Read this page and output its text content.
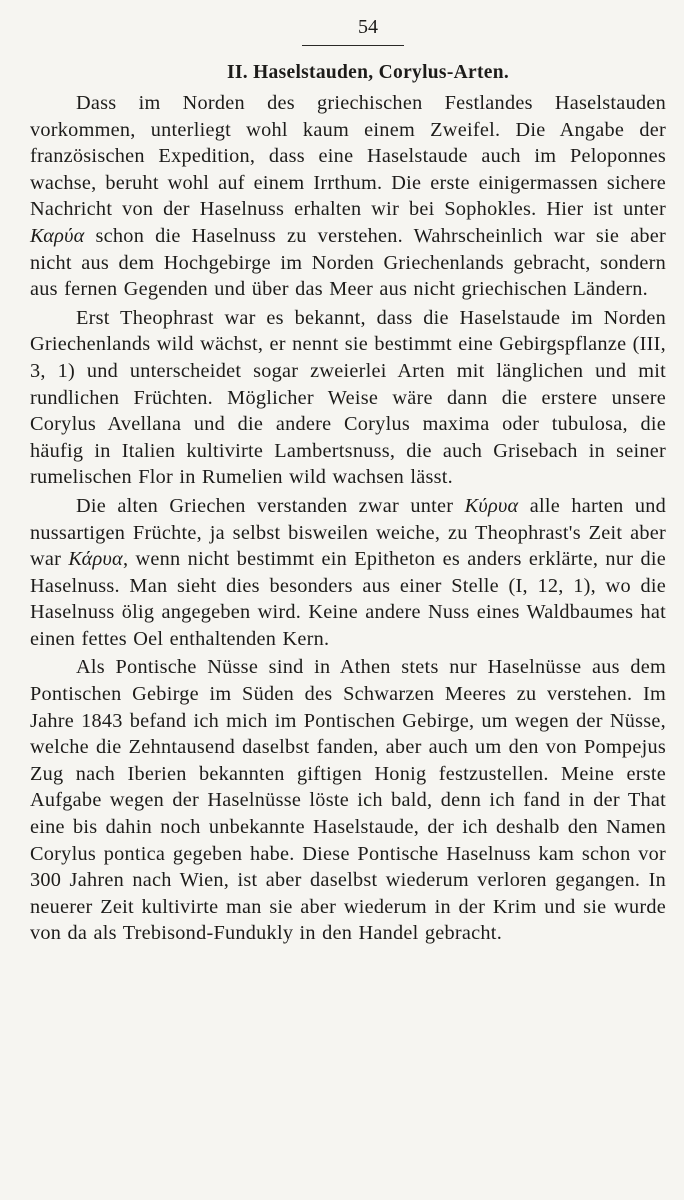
54
II. Haselstauden, Corylus-Arten.

Dass im Norden des griechischen Festlandes Haselstauden vorkommen, unterliegt wohl kaum einem Zweifel. Die Angabe der französischen Expedition, dass eine Haselstaude auch im Peloponnes wachse, beruht wohl auf einem Irrthum. Die erste einigermassen sichere Nachricht von der Haselnuss erhalten wir bei Sophokles. Hier ist unter Καρύα schon die Haselnuss zu verstehen. Wahrscheinlich war sie aber nicht aus dem Hochgebirge im Norden Griechenlands gebracht, sondern aus fernen Gegenden und über das Meer aus nicht griechischen Ländern.

Erst Theophrast war es bekannt, dass die Haselstaude im Norden Griechenlands wild wächst, er nennt sie bestimmt eine Gebirgspflanze (III, 3, 1) und unterscheidet sogar zweierlei Arten mit länglichen und mit rundlichen Früchten. Möglicher Weise wäre dann die erstere unsere Corylus Avellana und die andere Corylus maxima oder tubulosa, die häufig in Italien kultivirte Lambertsnuss, die auch Grisebach in seiner rumelischen Flor in Rumelien wild wachsen lässt.

Die alten Griechen verstanden zwar unter Κύρυα alle harten und nussartigen Früchte, ja selbst bisweilen weiche, zu Theophrast's Zeit aber war Κάρυα, wenn nicht bestimmt ein Epitheton es anders erklärte, nur die Haselnuss. Man sieht dies besonders aus einer Stelle (I, 12, 1), wo die Haselnuss ölig angegeben wird. Keine andere Nuss eines Waldbaumes hat einen fettes Oel enthaltenden Kern.

Als Pontische Nüsse sind in Athen stets nur Haselnüsse aus dem Pontischen Gebirge im Süden des Schwarzen Meeres zu verstehen. Im Jahre 1843 befand ich mich im Pontischen Gebirge, um wegen der Nüsse, welche die Zehntausend daselbst fanden, aber auch um den von Pompejus Zug nach Iberien bekannten giftigen Honig festzustellen. Meine erste Aufgabe wegen der Haselnüsse löste ich bald, denn ich fand in der That eine bis dahin noch unbekannte Haselstaude, der ich deshalb den Namen Corylus pontica gegeben habe. Diese Pontische Haselnuss kam schon vor 300 Jahren nach Wien, ist aber daselbst wiederum verloren gegangen. In neuerer Zeit kultivirte man sie aber wiederum in der Krim und sie wurde von da als Trebisond-Fundukly in den Handel gebracht.
